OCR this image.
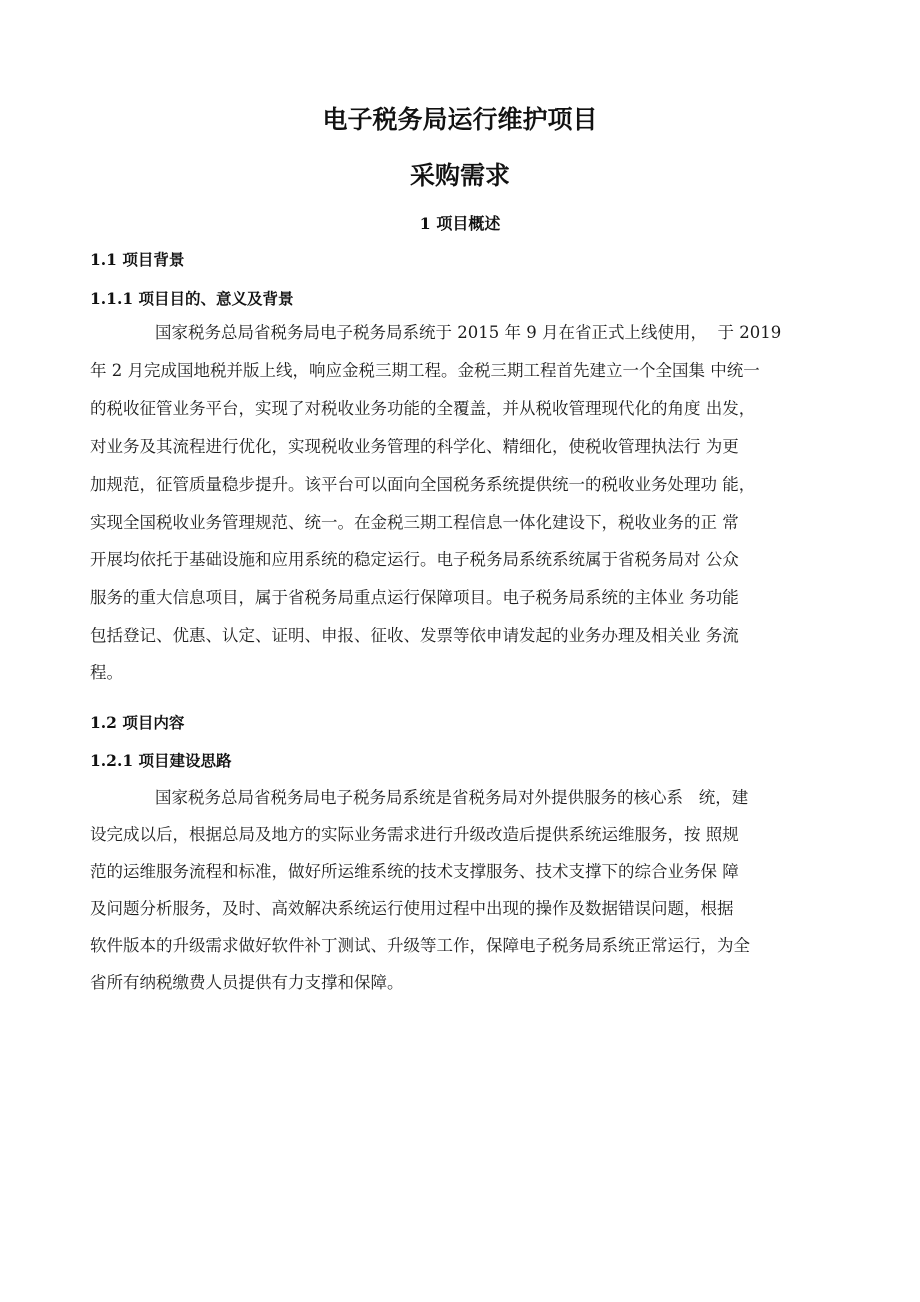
电子税务局运行维护项目
采购需求
1 项目概述
1.1 项目背景
1.1.1 项目目的、意义及背景

国家税务总局省税务局电子税务局系统于 2015 年 9 月在省正式上线使用，  于 2019

年 2 月完成国地税并版上线，响应金税三期工程。金税三期工程首先建立一个全国集 中统一

的税收征管业务平台，实现了对税收业务功能的全覆盖，并从税收管理现代化的角度 出发，

对业务及其流程进行优化，实现税收业务管理的科学化、精细化，使税收管理执法行 为更

加规范，征管质量稳步提升。该平台可以面向全国税务系统提供统一的税收业务处理功 能，

实现全国税收业务管理规范、统一。在金税三期工程信息一体化建设下，税收业务的正 常

开展均依托于基础设施和应用系统的稳定运行。电子税务局系统系统属于省税务局对 公众

服务的重大信息项目，属于省税务局重点运行保障项目。电子税务局系统的主体业 务功能

包括登记、优惠、认定、证明、申报、征收、发票等依申请发起的业务办理及相关业 务流

程。

1.2 项目内容
1.2.1 项目建设思路

国家税务总局省税务局电子税务局系统是省税务局对外提供服务的核心系   统，建

设完成以后，根据总局及地方的实际业务需求进行升级改造后提供系统运维服务，按 照规

范的运维服务流程和标准，做好所运维系统的技术支撑服务、技术支撑下的综合业务保 障

及问题分析服务，及时、高效解决系统运行使用过程中出现的操作及数据错误问题，根据

软件版本的升级需求做好软件补丁测试、升级等工作，保障电子税务局系统正常运行，为全

省所有纳税缴费人员提供有力支撑和保障。
